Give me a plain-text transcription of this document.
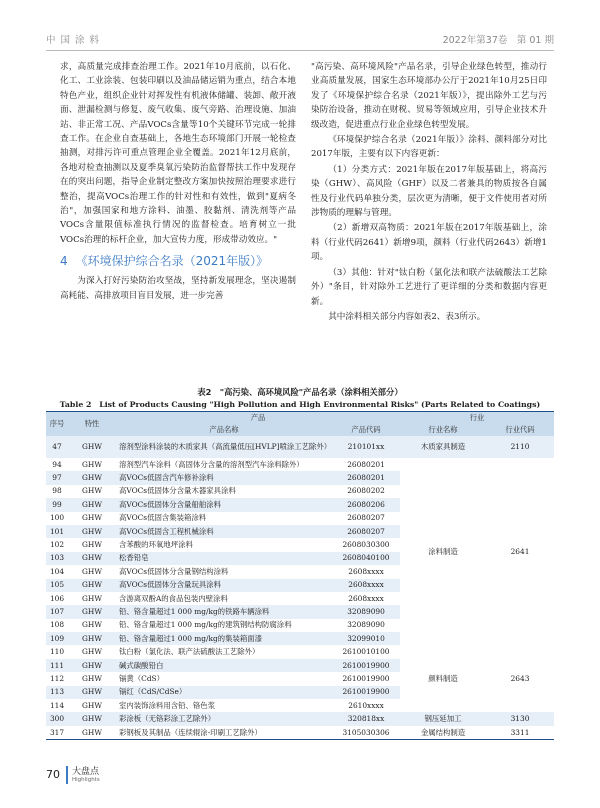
中 国 涂 料	2022年第37卷　第 01 期

求，高质量完成排查治理工作。2021年10月底前，以石化、化工、工业涂装、包装印刷以及油品储运销为重点，结合本地特色产业，组织企业针对挥发性有机液体储罐、装卸、敞开液面、泄漏检测与修复、废气收集、废气旁路、治理设施、加油站、非正常工况、产品VOCs含量等10个关键环节完成一轮排查工作。在企业自查基础上，各地生态环境部门开展一轮检查抽测，对排污许可重点管理企业全覆盖。2021年12月底前，各地对检查抽测以及夏季臭氧污染防治监督帮扶工作中发现存在的突出问题，指导企业制定整改方案加快按照治理要求进行整治，提高VOCs治理工作的针对性和有效性，做到"夏病冬治"，加强国家和地方涂料、油墨、胶黏剂、清洗剂等产品VOCs含量限值标准执行情况的监督检查。培育树立一批VOCs治理的标杆企业，加大宣传力度，形成带动效应。"

4 《环境保护综合名录（2021年版）》

为深入打好污染防治攻坚战，坚持新发展理念，坚决遏制高耗能、高排放项目盲目发展，进一步完善

"高污染、高环境风险"产品名录，引导企业绿色转型，推动行业高质量发展，国家生态环境部办公厅于2021年10月25日印发了《环境保护综合名录（2021年版）》，提出除外工艺与污染防治设备，推动在财税、贸易等领域应用，引导企业技术升级改造，促进重点行业企业绿色转型发展。

《环境保护综合名录（2021年版）》涂料、颜料部分对比2017年版，主要有以下内容更新：

（1）分类方式：2021年版在2017年版基础上，将高污染（GHW）、高风险（GHF）以及二者兼具的物质按各自属性及行业代码单独分类，层次更为清晰，便于文件使用者对所涉物质的理解与管理。

（2）新增双高物质：2021年版在2017年版基础上，涂料（行业代码2641）新增9项，颜料（行业代码2643）新增1项。

（3）其他：针对"钛白粉（氯化法和联产法硫酸法工艺除外）"条目，针对除外工艺进行了更详细的分类和数据内容更新。

其中涂料相关部分内容如表2、表3所示。

表2　"高污染、高环境风险"产品名录（涂料相关部分）
Table 2　List of Products Causing "High Pollution and High Environmental Risks" (Parts Related to Coatings)
序号	特性	产品		行业	
		产品名称	产品代码	行业名称	行业代码
47	GHW	溶剂型涂料涂装的木质家具（高流量低压[HVLP]喷涂工艺除外）	210101xx	木质家具制造	2110
94	GHW	溶剂型汽车涂料（高固体分含量的溶剂型汽车涂料除外）	26080201	涂料制造	2641
97	GHW	高VOCs低固含汽车修补涂料	26080201		
98	GHW	高VOCs低固体分含量木器家具涂料	26080202		
99	GHW	高VOCs低固体分含量船舶涂料	26080206		
100	GHW	高VOCs低固含集装箱涂料	26080207		
101	GHW	高VOCs低固含工程机械涂料	26080207		
102	GHW	含苯酸的环氧地坪涂料	2608030300		
103	GHW	松香铅皂	2608040100		
104	GHW	高VOCs低固体分含量钢结构涂料	2608xxxx		
105	GHW	高VOCs低固体分含量玩具涂料	2608xxxx		
106	GHW	含游离双酚A的食品包装内壁涂料	2608xxxx		
107	GHW	铅、铬含量超过1 000 mg/kg的铁路车辆涂料	32089090		
108	GHW	铅、铬含量超过1 000 mg/kg的建筑钢结构防腐涂料	32089090		
109	GHW	铅、铬含量超过1 000 mg/kg的集装箱面漆	32099010		
110	GHW	钛白粉（氯化法、联产法硫酸法工艺除外）	2610010100	颜料制造	2643
111	GHW	碱式碳酸铅白	2610019900		
112	GHW	镉黄（CdS）	2610019900		
113	GHW	镉红（CdS/CdSe）	2610019900		
114	GHW	室内装饰涂料用含铅、铬色浆	2610xxxx		
300	GHW	彩涂板（无铬彩涂工艺除外）	320818xx	钢压延加工	3130
317	GHW	彩钢板及其制品（连续辊涂-印刷工艺除外）	3105030306	金属结构制造	3311
70 大盘点
Highlights
